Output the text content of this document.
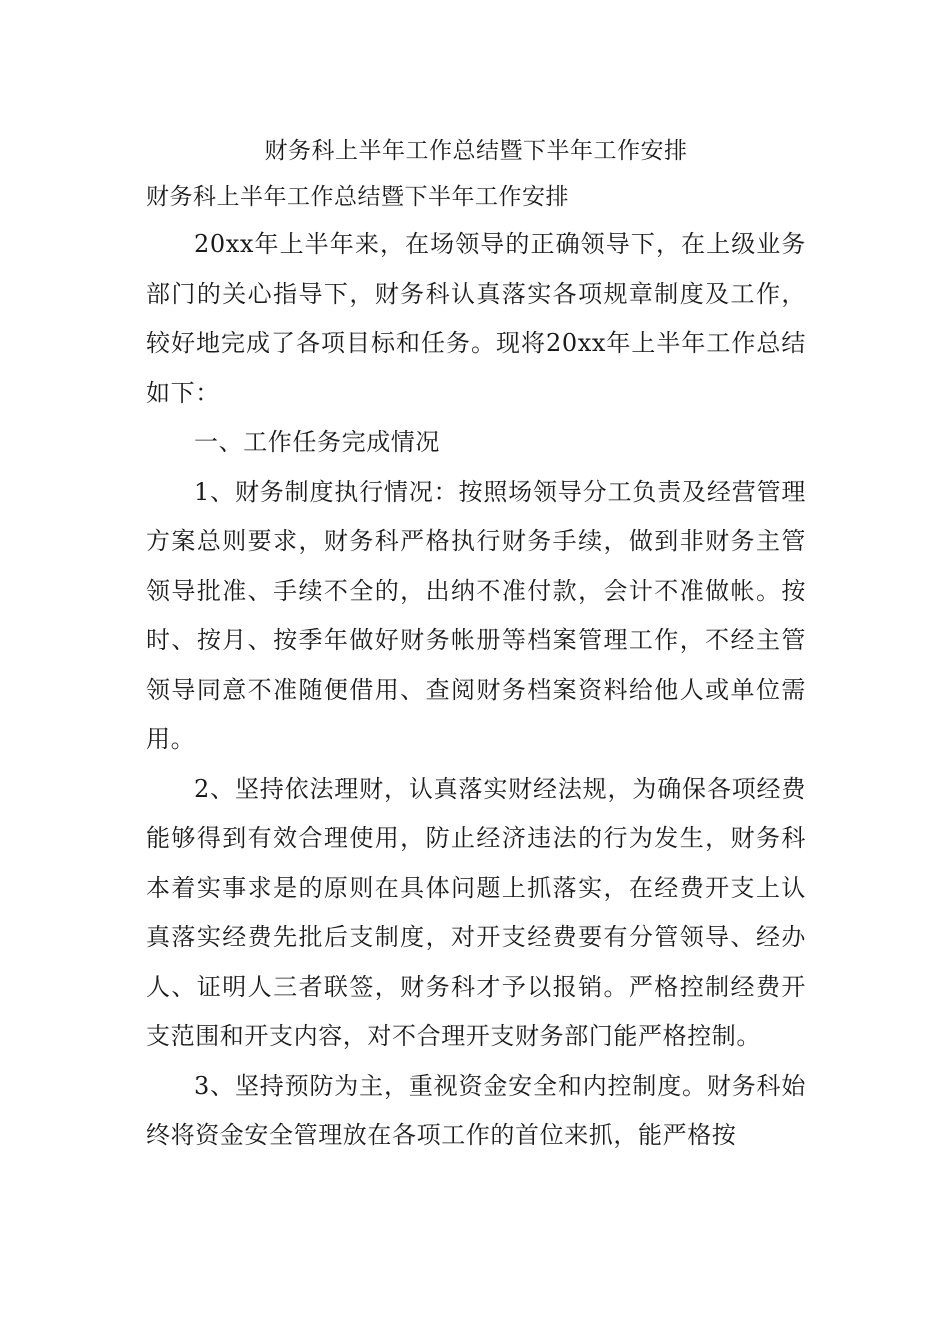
财务科上半年工作总结暨下半年工作安排

财务科上半年工作总结暨下半年工作安排

20xx年上半年来，在场领导的正确领导下，在上级业务部门的关心指导下，财务科认真落实各项规章制度及工作，较好地完成了各项目标和任务。现将20xx年上半年工作总结如下：

一、工作任务完成情况

1、财务制度执行情况：按照场领导分工负责及经营管理方案总则要求，财务科严格执行财务手续，做到非财务主管领导批准、手续不全的，出纳不准付款，会计不准做帐。按时、按月、按季年做好财务帐册等档案管理工作，不经主管领导同意不准随便借用、查阅财务档案资料给他人或单位需用。

2、坚持依法理财，认真落实财经法规，为确保各项经费能够得到有效合理使用，防止经济违法的行为发生，财务科本着实事求是的原则在具体问题上抓落实，在经费开支上认真落实经费先批后支制度，对开支经费要有分管领导、经办人、证明人三者联签，财务科才予以报销。严格控制经费开支范围和开支内容，对不合理开支财务部门能严格控制。

3、坚持预防为主，重视资金安全和内控制度。财务科始终将资金安全管理放在各项工作的首位来抓，能严格按
